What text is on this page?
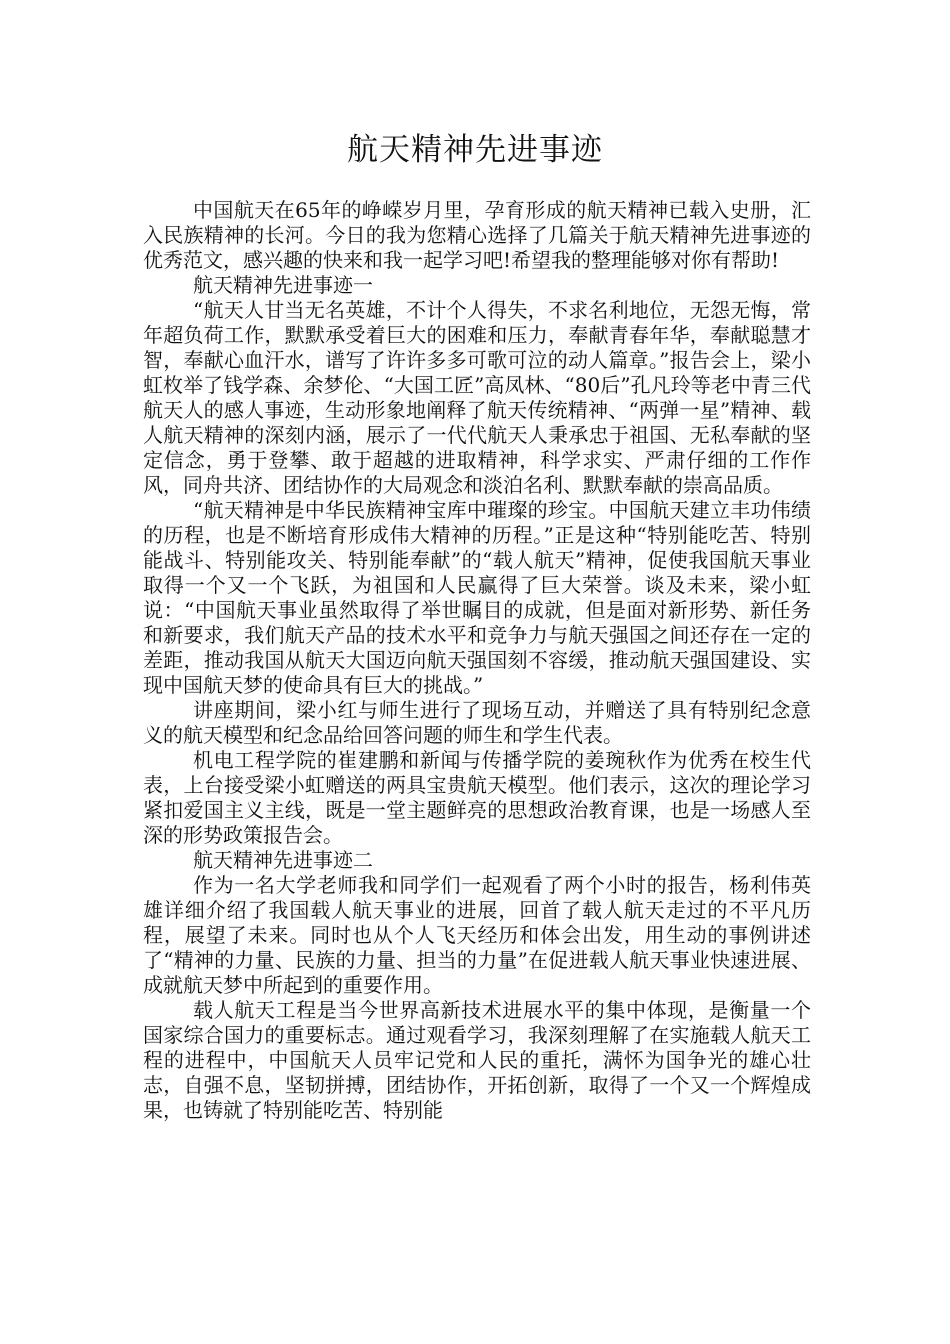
航天精神先进事迹

中国航天在65年的峥嵘岁月里，孕育形成的航天精神已载入史册，汇入民族精神的长河。今日的我为您精心选择了几篇关于航天精神先进事迹的优秀范文，感兴趣的快来和我一起学习吧!希望我的整理能够对你有帮助!

航天精神先进事迹一

“航天人甘当无名英雄，不计个人得失，不求名利地位，无怨无悔，常年超负荷工作，默默承受着巨大的困难和压力，奉献青春年华，奉献聪慧才智，奉献心血汗水，谱写了许许多多可歌可泣的动人篇章。”报告会上，梁小虹枚举了钱学森、余梦伦、“大国工匠”高凤林、“80后”孔凡玲等老中青三代航天人的感人事迹，生动形象地阐释了航天传统精神、“两弹一星”精神、载人航天精神的深刻内涵，展示了一代代航天人秉承忠于祖国、无私奉献的坚定信念，勇于登攀、敢于超越的进取精神，科学求实、严肃仔细的工作作风，同舟共济、团结协作的大局观念和淡泊名利、默默奉献的崇高品质。

“航天精神是中华民族精神宝库中璀璨的珍宝。中国航天建立丰功伟绩的历程，也是不断培育形成伟大精神的历程。”正是这种“特别能吃苦、特别能战斗、特别能攻关、特别能奉献”的“载人航天”精神，促使我国航天事业取得一个又一个飞跃，为祖国和人民赢得了巨大荣誉。谈及未来，梁小虹说：“中国航天事业虽然取得了举世瞩目的成就，但是面对新形势、新任务和新要求，我们航天产品的技术水平和竞争力与航天强国之间还存在一定的差距，推动我国从航天大国迈向航天强国刻不容缓，推动航天强国建设、实现中国航天梦的使命具有巨大的挑战。”

讲座期间，梁小红与师生进行了现场互动，并赠送了具有特别纪念意义的航天模型和纪念品给回答问题的师生和学生代表。

机电工程学院的崔建鹏和新闻与传播学院的姜琬秋作为优秀在校生代表，上台接受梁小虹赠送的两具宝贵航天模型。他们表示，这次的理论学习紧扣爱国主义主线，既是一堂主题鲜亮的思想政治教育课，也是一场感人至深的形势政策报告会。

航天精神先进事迹二

作为一名大学老师我和同学们一起观看了两个小时的报告，杨利伟英雄详细介绍了我国载人航天事业的进展，回首了载人航天走过的不平凡历程，展望了未来。同时也从个人飞天经历和体会出发，用生动的事例讲述了“精神的力量、民族的力量、担当的力量”在促进载人航天事业快速进展、成就航天梦中所起到的重要作用。

载人航天工程是当今世界高新技术进展水平的集中体现，是衡量一个国家综合国力的重要标志。通过观看学习，我深刻理解了在实施载人航天工程的进程中，中国航天人员牢记党和人民的重托，满怀为国争光的雄心壮志，自强不息，坚韧拼搏，团结协作，开拓创新，取得了一个又一个辉煌成果，也铸就了特别能吃苦、特别能
